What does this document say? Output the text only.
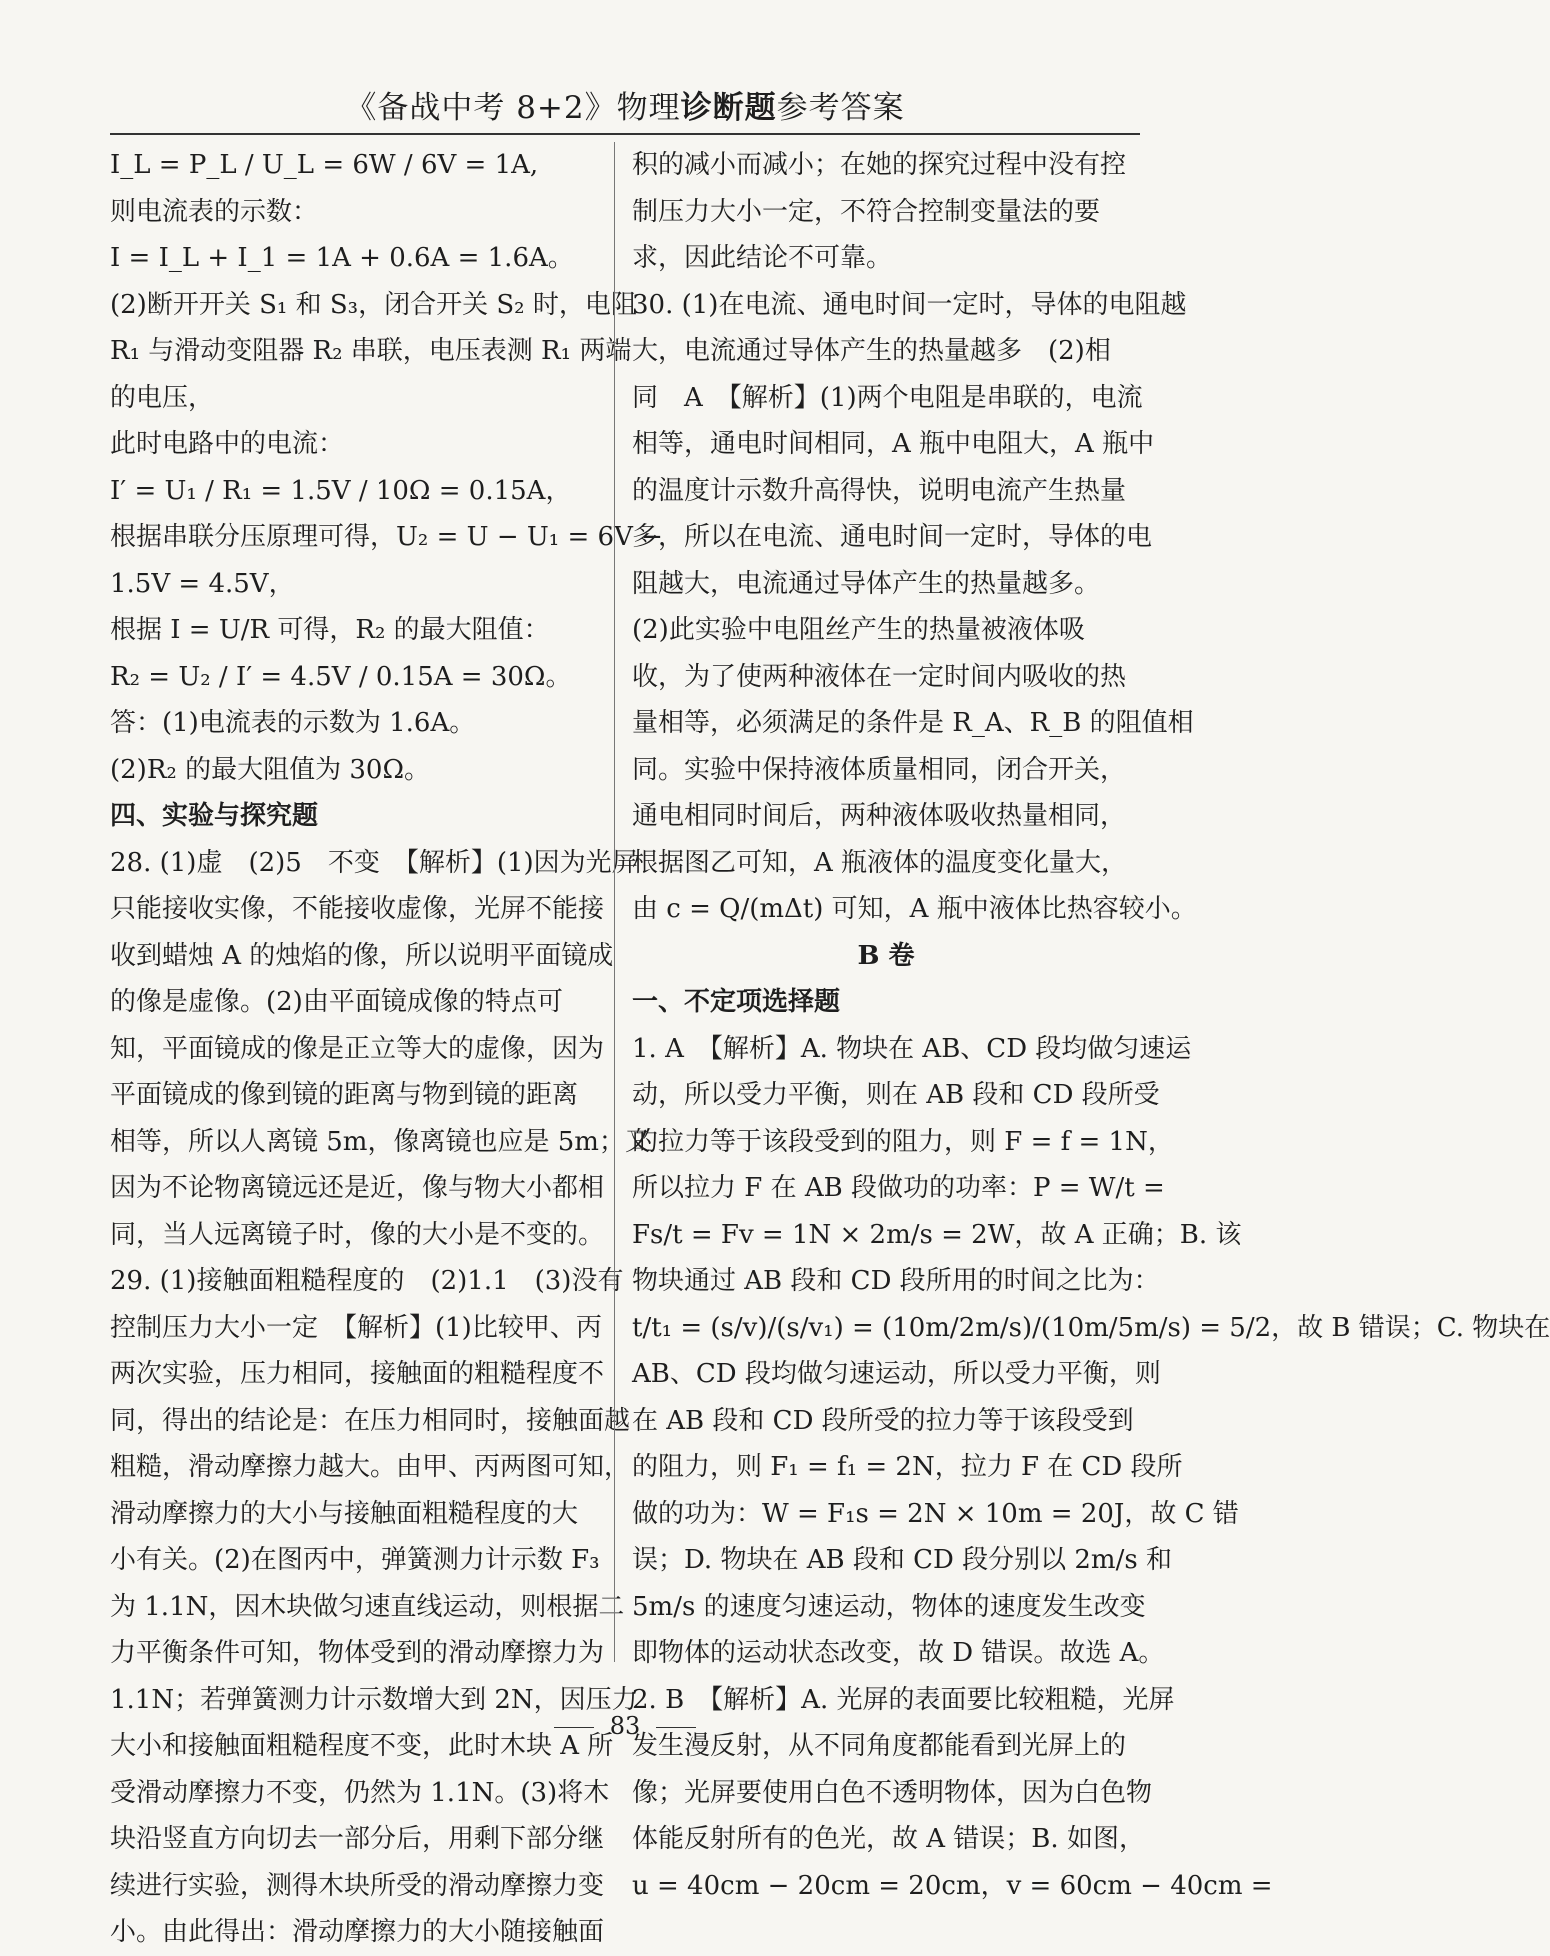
《备战中考 8+2》物理诊断题参考答案
I_L = P_L / U_L = 6W / 6V = 1A,
则电流表的示数：
I = I_L + I_1 = 1A + 0.6A = 1.6A。
(2)断开开关 S₁ 和 S₃，闭合开关 S₂ 时，电阻
R₁ 与滑动变阻器 R₂ 串联，电压表测 R₁ 两端
的电压，
此时电路中的电流：
I′ = U₁ / R₁ = 1.5V / 10Ω = 0.15A，
根据串联分压原理可得，U₂ = U − U₁ = 6V −
1.5V = 4.5V，
根据 I = U/R 可得，R₂ 的最大阻值：
R₂ = U₂ / I′ = 4.5V / 0.15A = 30Ω。
答：(1)电流表的示数为 1.6A。
(2)R₂ 的最大阻值为 30Ω。
四、实验与探究题
28. (1)虚　(2)5　不变　【解析】(1)因为光屏
只能接收实像，不能接收虚像，光屏不能接
收到蜡烛 A 的烛焰的像，所以说明平面镜成
的像是虚像。(2)由平面镜成像的特点可
知，平面镜成的像是正立等大的虚像，因为
平面镜成的像到镜的距离与物到镜的距离
相等，所以人离镜 5m，像离镜也应是 5m；又
因为不论物离镜远还是近，像与物大小都相
同，当人远离镜子时，像的大小是不变的。
29. (1)接触面粗糙程度的　(2)1.1　(3)没有
控制压力大小一定　【解析】(1)比较甲、丙
两次实验，压力相同，接触面的粗糙程度不
同，得出的结论是：在压力相同时，接触面越
粗糙，滑动摩擦力越大。由甲、丙两图可知，
滑动摩擦力的大小与接触面粗糙程度的大
小有关。(2)在图丙中，弹簧测力计示数 F₃
为 1.1N，因木块做匀速直线运动，则根据二
力平衡条件可知，物体受到的滑动摩擦力为
1.1N；若弹簧测力计示数增大到 2N，因压力
大小和接触面粗糙程度不变，此时木块 A 所
受滑动摩擦力不变，仍然为 1.1N。(3)将木
块沿竖直方向切去一部分后，用剩下部分继
续进行实验，测得木块所受的滑动摩擦力变
小。由此得出：滑动摩擦力的大小随接触面
积的减小而减小；在她的探究过程中没有控
制压力大小一定，不符合控制变量法的要
求，因此结论不可靠。
30. (1)在电流、通电时间一定时，导体的电阻越
大，电流通过导体产生的热量越多　(2)相
同　A　【解析】(1)两个电阻是串联的，电流
相等，通电时间相同，A 瓶中电阻大，A 瓶中
的温度计示数升高得快，说明电流产生热量
多，所以在电流、通电时间一定时，导体的电
阻越大，电流通过导体产生的热量越多。
(2)此实验中电阻丝产生的热量被液体吸
收，为了使两种液体在一定时间内吸收的热
量相等，必须满足的条件是 R_A、R_B 的阻值相
同。实验中保持液体质量相同，闭合开关，
通电相同时间后，两种液体吸收热量相同，
根据图乙可知，A 瓶液体的温度变化量大，
由 c = Q/(mΔt) 可知，A 瓶中液体比热容较小。
B 卷
一、不定项选择题
1. A　【解析】A. 物块在 AB、CD 段均做匀速运
动，所以受力平衡，则在 AB 段和 CD 段所受
的拉力等于该段受到的阻力，则 F = f = 1N，
所以拉力 F 在 AB 段做功的功率：P = W/t =
Fs/t = Fv = 1N × 2m/s = 2W，故 A 正确；B. 该
物块通过 AB 段和 CD 段所用的时间之比为：
t/t₁ = (s/v)/(s/v₁) = (10m/2m/s)/(10m/5m/s) = 5/2，故 B 错误；C. 物块在
AB、CD 段均做匀速运动，所以受力平衡，则
在 AB 段和 CD 段所受的拉力等于该段受到
的阻力，则 F₁ = f₁ = 2N，拉力 F 在 CD 段所
做的功为：W = F₁s = 2N × 10m = 20J，故 C 错
误；D. 物块在 AB 段和 CD 段分别以 2m/s 和
5m/s 的速度匀速运动，物体的速度发生改变
即物体的运动状态改变，故 D 错误。故选 A。
2. B　【解析】A. 光屏的表面要比较粗糙，光屏
发生漫反射，从不同角度都能看到光屏上的
像；光屏要使用白色不透明物体，因为白色物
体能反射所有的色光，故 A 错误；B. 如图，
u = 40cm − 20cm = 20cm，v = 60cm − 40cm =
83
